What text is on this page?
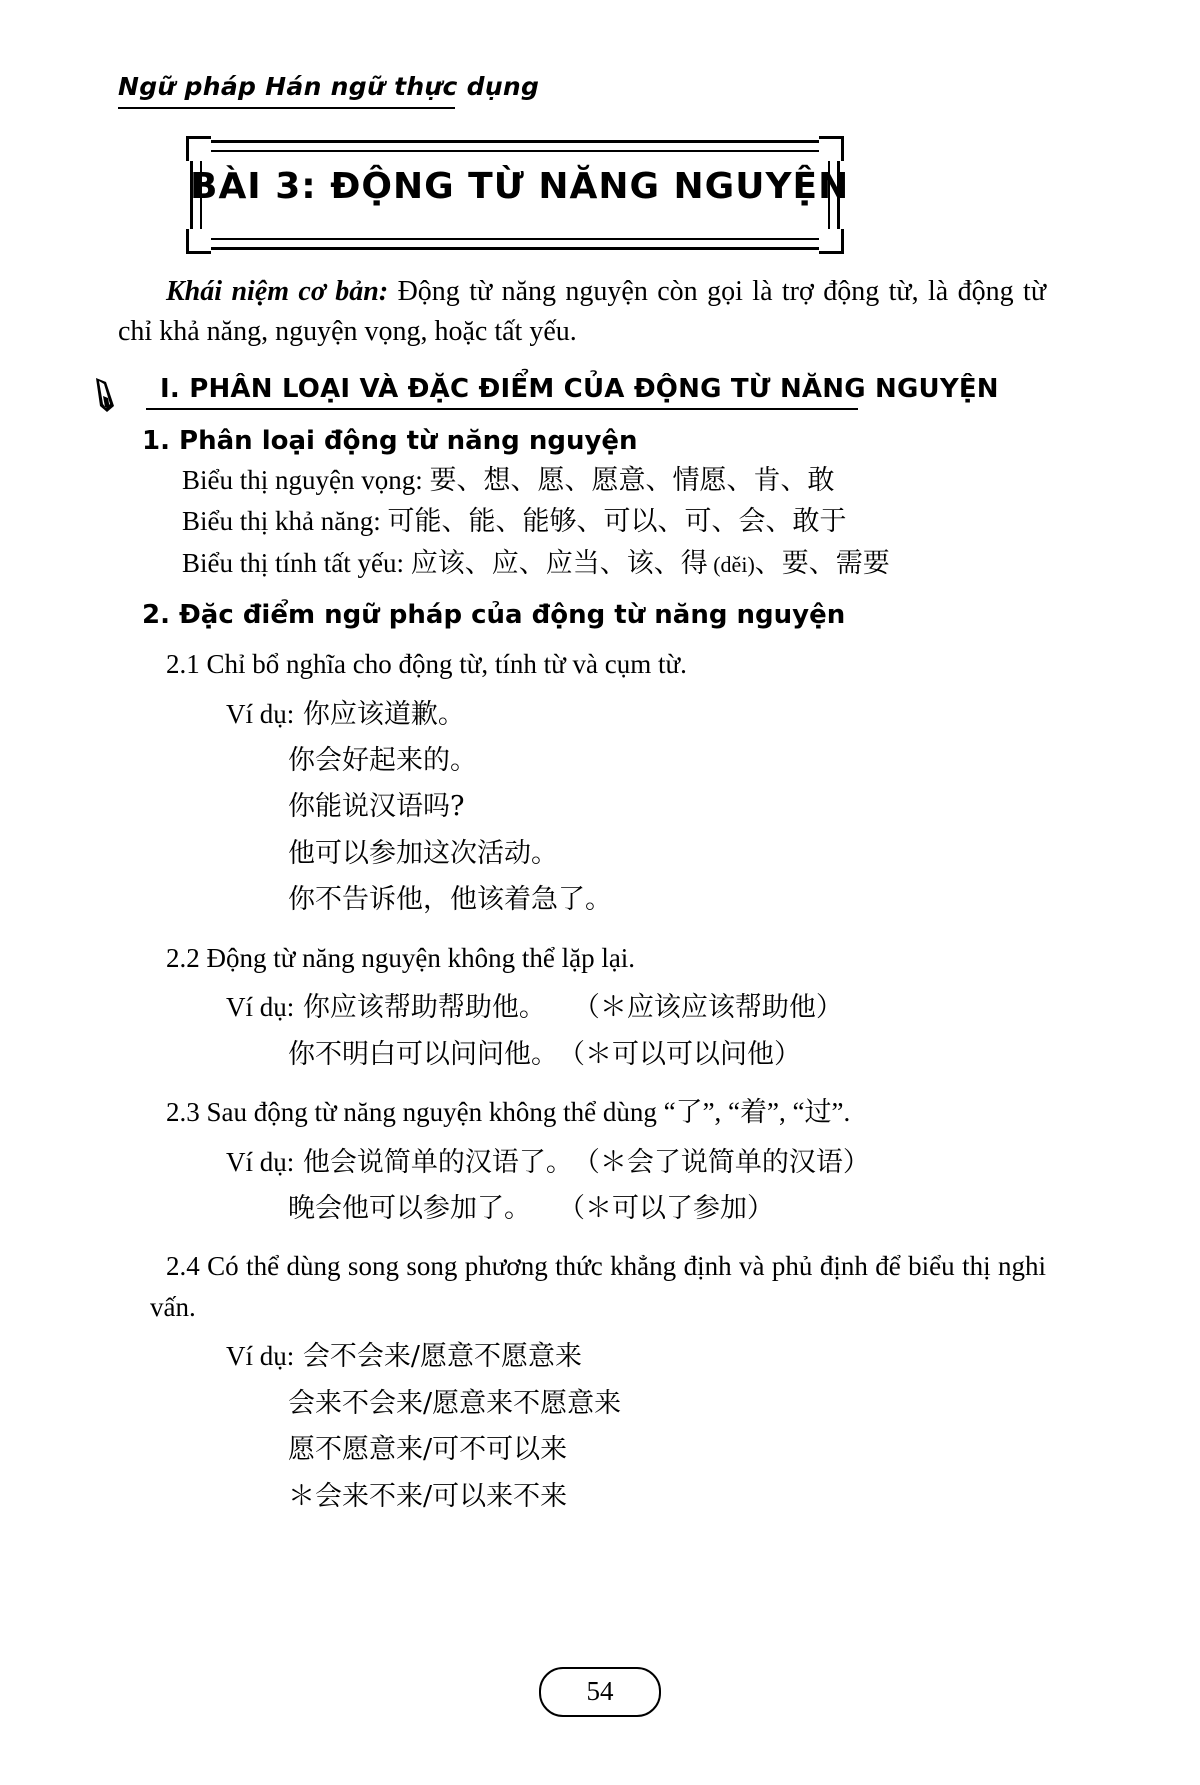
Ngữ pháp Hán ngữ thực dụng
BÀI 3: ĐỘNG TỪ NĂNG NGUYỆN

Khái niệm cơ bản: Động từ năng nguyện còn gọi là trợ động từ, là động từ chỉ khả năng, nguyện vọng, hoặc tất yếu.

I. PHÂN LOẠI VÀ ĐẶC ĐIỂM CỦA ĐỘNG TỪ NĂNG NGUYỆN
1. Phân loại động từ năng nguyện
Biểu thị nguyện vọng: 要、想、愿、愿意、情愿、肯、敢
Biểu thị khả năng: 可能、能、能够、可以、可、会、敢于
Biểu thị tính tất yếu: 应该、应、应当、该、得 (děi)、要、需要
2. Đặc điểm ngữ pháp của động từ năng nguyện
2.1 Chỉ bổ nghĩa cho động từ, tính từ và cụm từ.
Ví dụ: 你应该道歉。
你会好起来的。
你能说汉语吗?
他可以参加这次活动。
你不告诉他，他该着急了。
2.2 Động từ năng nguyện không thể lặp lại.
Ví dụ: 你应该帮助帮助他。　　（＊应该应该帮助他）
你不明白可以问问他。　（＊可以可以问他）
2.3 Sau động từ năng nguyện không thể dùng “了”, “着”, “过”.
Ví dụ: 他会说简单的汉语了。　（＊会了说简单的汉语）
晚会他可以参加了。　　（＊可以了参加）
2.4 Có thể dùng song song phương thức khẳng định và phủ định để biểu thị nghi vấn.
Ví dụ: 会不会来/愿意不愿意来
会来不会来/愿意来不愿意来
愿不愿意来/可不可以来
＊会来不来/可以来不来
54
